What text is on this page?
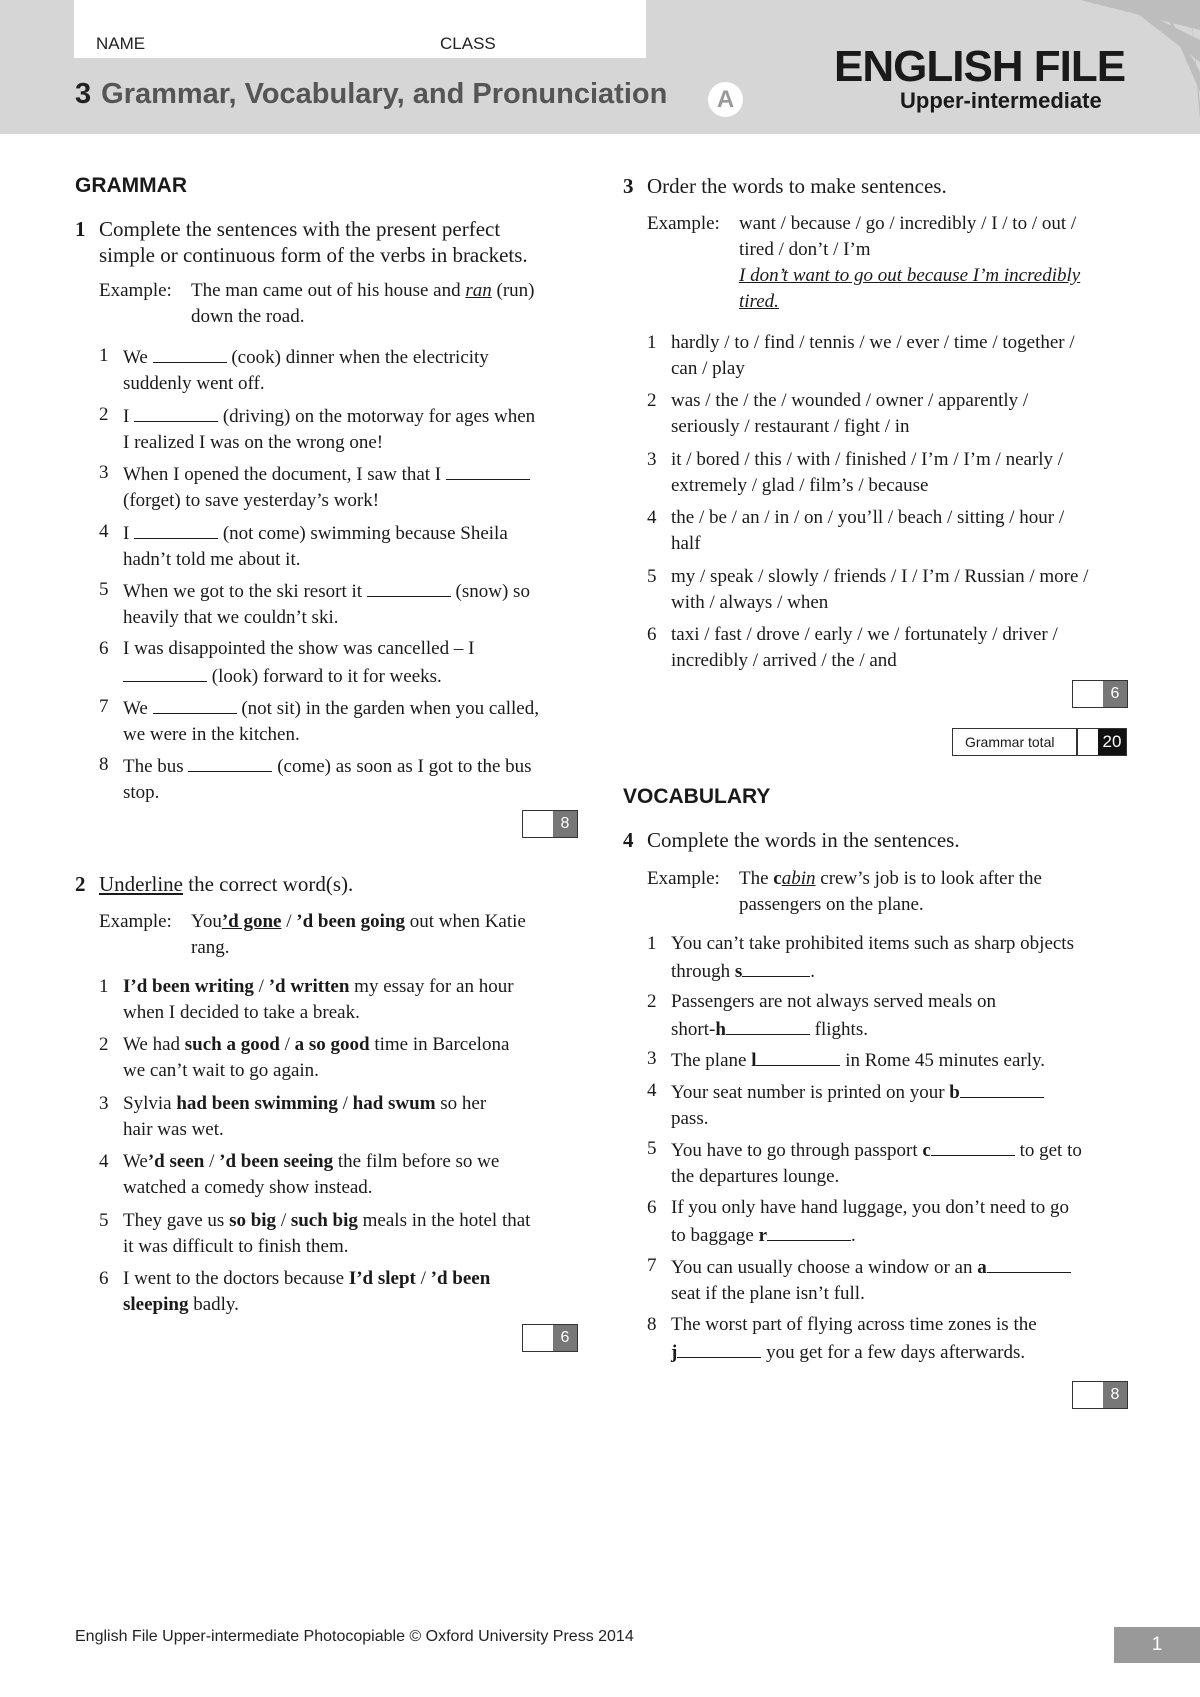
NAME	CLASS
3 Grammar, Vocabulary, and Pronunciation	A
ENGLISH FILE
Upper-intermediate
GRAMMAR
1 Complete the sentences with the present perfect
simple or continuous form of the verbs in brackets.
Example: The man came out of his house and ran (run)
down the road.
1 We	(cook) dinner when the electricity
suddenly went off.
2 I	(driving) on the motorway for ages when
I realized I was on the wrong one!
3 When I opened the document, I saw that I
(forget) to save yesterday’s work!
4 I	(not come) swimming because Sheila
hadn’t told me about it.
5 When we got to the ski resort it	(snow) so
heavily that we couldn’t ski.
6 I was disappointed the show was cancelled – I
(look) forward to it for weeks.
7 We	(not sit) in the garden when you called,
we were in the kitchen.
8 The bus	(come) as soon as I got to the bus
stop.
8
2 Underline the correct word(s).
Example: You’d gone / ’d been going out when Katie
rang.
1 I’d been writing / ’d written my essay for an hour
when I decided to take a break.
2 We had such a good / a so good time in Barcelona
we can’t wait to go again.
3 Sylvia had been swimming / had swum so her
hair was wet.
4 We’d seen / ’d been seeing the film before so we
watched a comedy show instead.
5 They gave us so big / such big meals in the hotel that
it was difficult to finish them.
6 I went to the doctors because I’d slept / ’d been
sleeping badly.
6
3 Order the words to make sentences.
Example: want / because / go / incredibly / I / to / out /
tired / don’t / I’m
I don’t want to go out because I’m incredibly
tired.
1 hardly / to / find / tennis / we / ever / time / together /
can / play
2 was / the / the / wounded / owner / apparently /
seriously / restaurant / fight / in
3 it / bored / this / with / finished / I’m / I’m / nearly /
extremely / glad / film’s / because
4 the / be / an / in / on / you’ll / beach / sitting / hour /
half
5 my / speak / slowly / friends / I / I’m / Russian / more /
with / always / when
6 taxi / fast / drove / early / we / fortunately / driver /
incredibly / arrived / the / and
6
Grammar total	20
VOCABULARY
4 Complete the words in the sentences.
Example: The cabin crew’s job is to look after the
passengers on the plane.
1 You can’t take prohibited items such as sharp objects
through s	.
2 Passengers are not always served meals on
short-h	flights.
3 The plane l	in Rome 45 minutes early.
4 Your seat number is printed on your b
pass.
5 You have to go through passport c	to get to
the departures lounge.
6 If you only have hand luggage, you don’t need to go
to baggage r	.
7 You can usually choose a window or an a
seat if the plane isn’t full.
8 The worst part of flying across time zones is the
j	you get for a few days afterwards.
8
English File Upper-intermediate Photocopiable © Oxford University Press 2014	1
